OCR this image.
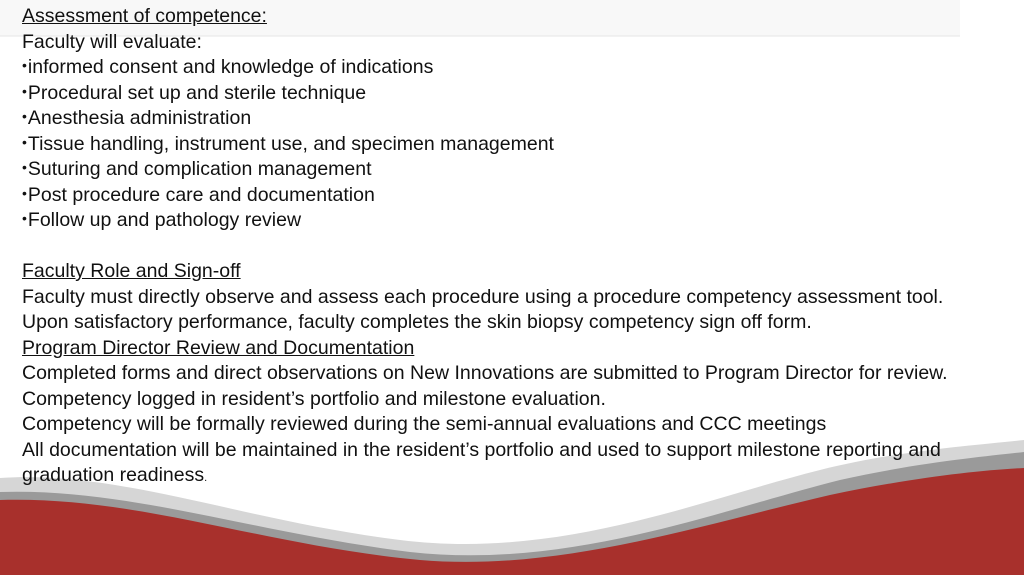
Assessment of competence:
Faculty will evaluate:
• informed consent and knowledge of indications
• Procedural set up and sterile technique
• Anesthesia administration
• Tissue handling, instrument use, and specimen management
• Suturing and complication management
• Post procedure care and documentation
• Follow up and pathology review
Faculty Role and Sign-off
Faculty must directly observe and assess each procedure using a procedure competency assessment tool.
Upon satisfactory performance, faculty completes the skin biopsy competency sign off form.
Program Director Review and Documentation
Completed forms and direct observations on New Innovations are submitted to Program Director for review.
Competency logged in resident’s portfolio and milestone evaluation.
Competency will be formally reviewed during the semi-annual evaluations and CCC meetings
All documentation will be maintained in the resident’s portfolio and used to support milestone reporting and
graduation readiness.
